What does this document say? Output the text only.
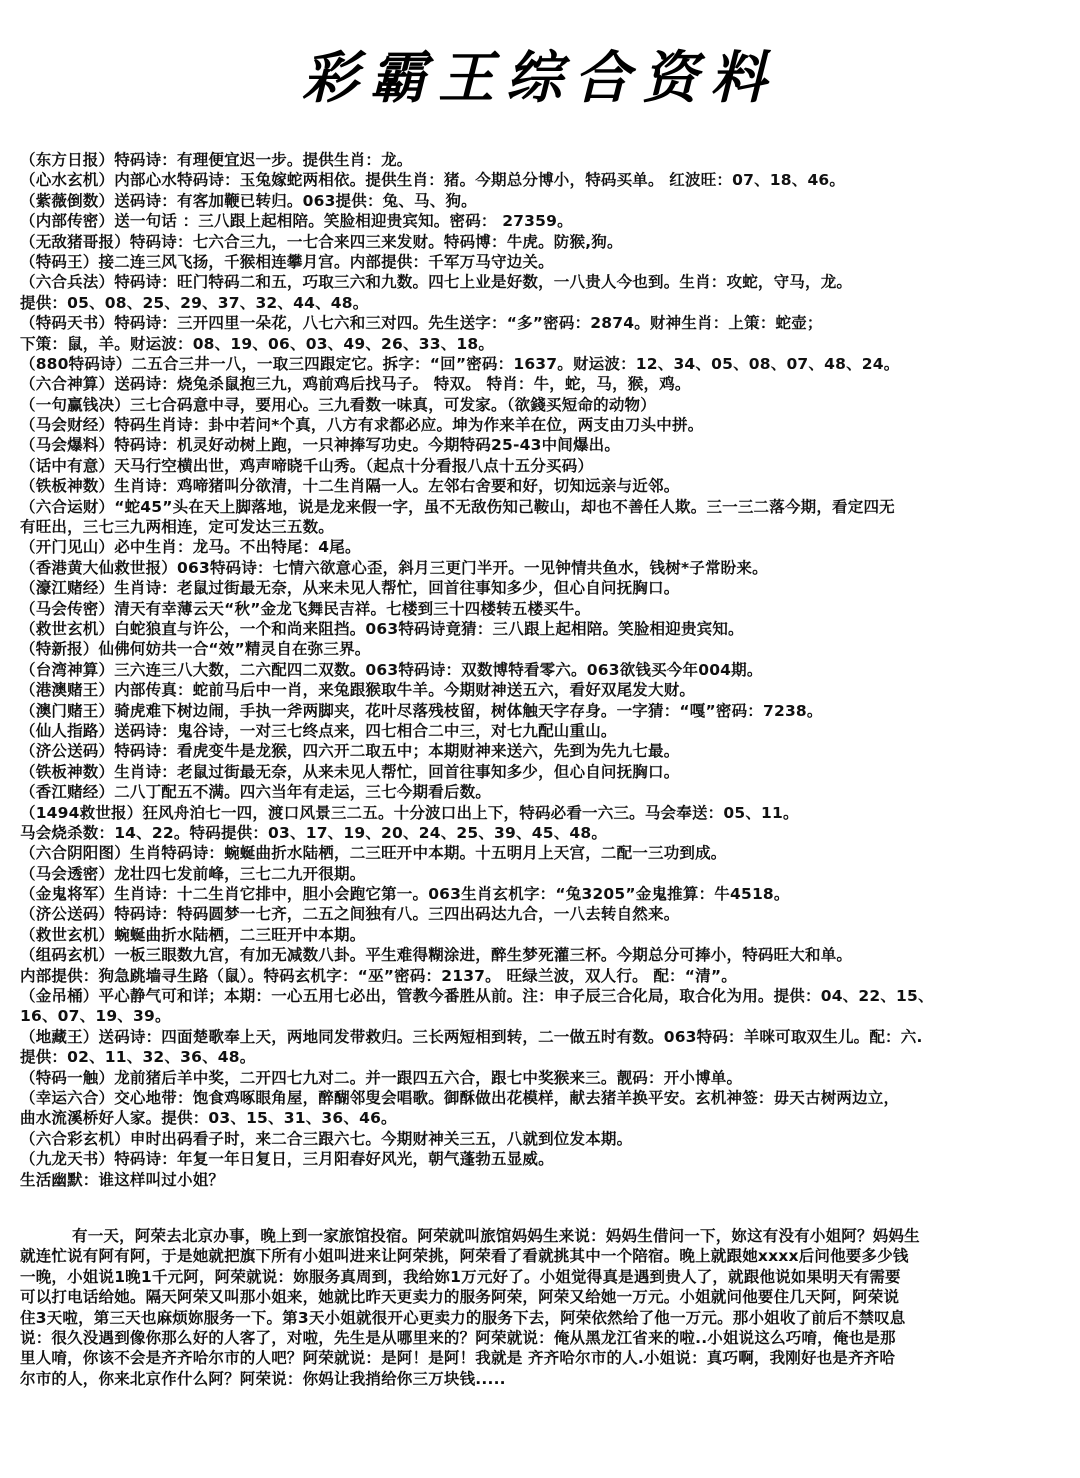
彩霸王综合资料
（东方日报）特码诗：有理便宜迟一步。提供生肖：龙。
（心水玄机）内部心水特码诗：玉兔嫁蛇两相依。提供生肖：猪。今期总分博小，特码买单。 红波旺：07、18、46。
（紫薇倒数）送码诗：有客加鞭已转归。063提供：兔、马、狗。
（内部传密）送一句话 ：三八跟上起相陪。笑脸相迎贵宾知。密码： 27359。
（无敌猪哥报）特码诗：七六合三九，一七合来四三来发财。特码博：牛虎。防猴,狗。
（特码王）接二连三风飞扬，千猴相连攀月宫。内部提供：千军万马守边关。
（六合兵法）特码诗：旺门特码二和五，巧取三六和九数。四七上业是好数，一八贵人今也到。生肖：攻蛇，守马，龙。
提供：05、08、25、29、37、32、44、48。
（特码天书）特码诗：三开四里一朵花，八七六和三对四。先生送字：“多”密码：2874。财神生肖：上策：蛇壶；
下策：鼠，羊。财运波：08、19、06、03、49、26、33、18。
（880特码诗）二五合三井一八，一取三四跟定它。拆字：“回”密码：1637。财运波：12、34、05、08、07、48、24。
（六合神算）送码诗：烧兔杀鼠抱三九，鸡前鸡后找马子。 特双。 特肖：牛，蛇，马，猴，鸡。
（一句赢钱决）三七合码意中寻，要用心。三九看数一味真，可发家。（欲錢买短命的动物）
（马会财经）特码生肖诗：卦中若问*个真，八方有求都必应。坤为作来羊在位，两支由刀头中拼。
（马会爆料）特码诗：机灵好动树上跑，一只神捧写功史。今期特码25-43中间爆出。
（话中有意）天马行空横出世，鸡声啼晓千山秀。（起点十分看报八点十五分买码）
（铁板神数）生肖诗：鸡啼猪叫分欲清，十二生肖隔一人。左邻右舍要和好，切知远亲与近邻。
（六合运财）“蛇45”头在天上脚落地，说是龙来假一字，虽不无敌伤知己鞍山，却也不善任人欺。三一三二落今期，看定四无
有旺出，三七三九两相连，定可发达三五数。
（开门见山）必中生肖：龙马。不出特尾：4尾。
（香港黄大仙救世报）063特码诗：七情六欲意心歪，斜月三更门半开。一见钟情共鱼水，钱树*子常盼来。
（濠江赌经）生肖诗：老鼠过街最无奈，从来未见人帮忙，回首往事知多少，但心自问抚胸口。
（马会传密）清天有幸薄云天“秋”金龙飞舞民吉祥。七楼到三十四楼转五楼买牛。
（救世玄机）白蛇狼直与许公，一个和尚来阻挡。063特码诗竟猜：三八跟上起相陪。笑脸相迎贵宾知。
（特新报）仙佛何妨共一合“效”精灵自在弥三界。
（台湾神算）三六连三八大数，二六配四二双数。063特码诗：双数博特看零六。063欲钱买今年004期。
（港澳赌王）内部传真：蛇前马后中一肖，来兔跟猴取牛羊。今期财神送五六，看好双尾发大财。
（澳门赌王）骑虎难下树边闹，手执一斧两脚夹，花叶尽落残枝留，树体触天字存身。一字猜：“嘎”密码：7238。
（仙人指路）送码诗：鬼谷诗，一对三七终点来，四七相合二中三，对七九配山重山。
（济公送码）特码诗：看虎变牛是龙猴，四六开二取五中；本期财神来送六，先到为先九七最。
（铁板神数）生肖诗：老鼠过街最无奈，从来未见人帮忙，回首往事知多少，但心自问抚胸口。
（香江赌经）二八丁配五不满。四六当年有走运，三七今期看后数。
（1494救世报）狂风舟泊七一四，渡口风景三二五。十分波口出上下，特码必看一六三。马会奉送：05、11。
马会烧杀数：14、22。特码提供：03、17、19、20、24、25、39、45、48。
（六合阴阳图）生肖特码诗：蜿蜒曲折水陆栖，二三旺开中本期。十五明月上天宫，二配一三功到成。
（马会透密）龙壮四七发前峰，三七二九开很期。
（金鬼将军）生肖诗：十二生肖它排中，胆小会跑它第一。063生肖玄机字：“兔3205”金鬼推算：牛4518。
（济公送码）特码诗：特码圆梦一七齐，二五之间独有八。三四出码达九合，一八去转自然来。
（救世玄机）蜿蜒曲折水陆栖，二三旺开中本期。
（组码玄机）一板三眼数九宫，有加无减数八卦。平生难得糊涂进，醉生梦死灌三杯。今期总分可捧小，特码旺大和单。
内部提供：狗急跳墙寻生路（鼠）。特码玄机字：“巫”密码：2137。 旺绿兰波，双人行。 配：“清”。
（金吊桶）平心静气可和详；本期：一心五用七必出，管教今番胜从前。注：申子辰三合化局，取合化为用。提供：04、22、15、
16、07、19、39。
（地藏王）送码诗：四面楚歌奉上天，两地同发带救归。三长两短相到转，二一做五时有数。063特码：羊咪可取双生儿。配：六.
提供：02、11、32、36、48。
（特码一触）龙前猪后羊中奖，二开四七九对二。并一跟四五六合，跟七中奖猴来三。靓码：开小博单。
（幸运六合）交心地带：饱食鸡啄眼角屋，醉醐邻叟会唱歌。御酥做出花模样，献去猪羊换平安。玄机神签：毋天古树两边立，
曲水流溪桥好人家。提供：03、15、31、36、46。
（六合彩玄机）申时出码看子时，来二合三跟六七。今期财神关三五，八就到位发本期。
（九龙天书）特码诗：年复一年日复日，三月阳春好风光，朝气蓬勃五显威。
生活幽默：谁这样叫过小姐？
有一天，阿荣去北京办事，晚上到一家旅馆投宿。阿荣就叫旅馆妈妈生来说：妈妈生借问一下，妳这有没有小姐阿？妈妈生
就连忙说有阿有阿，于是她就把旗下所有小姐叫进来让阿荣挑，阿荣看了看就挑其中一个陪宿。晚上就跟她xxxx后问他要多少钱
一晚，小姐说1晚1千元阿，阿荣就说：妳服务真周到，我给妳1万元好了。小姐觉得真是遇到贵人了，就跟他说如果明天有需要
可以打电话给她。隔天阿荣又叫那小姐来，她就比昨天更卖力的服务阿荣，阿荣又给她一万元。小姐就问他要住几天阿，阿荣说
住3天啦，第三天也麻烦妳服务一下。第3天小姐就很开心更卖力的服务下去，阿荣依然给了他一万元。那小姐收了前后不禁叹息
说：很久没遇到像你那么好的人客了，对啦，先生是从哪里来的？阿荣就说：俺从黑龙江省来的啦..小姐说这么巧唷，俺也是那
里人唷，你该不会是齐齐哈尔市的人吧？阿荣就说：是阿！是阿！我就是 齐齐哈尔市的人.小姐说：真巧啊，我刚好也是齐齐哈
尔市的人，你来北京作什么阿？阿荣说：你妈让我捎给你三万块钱.....
